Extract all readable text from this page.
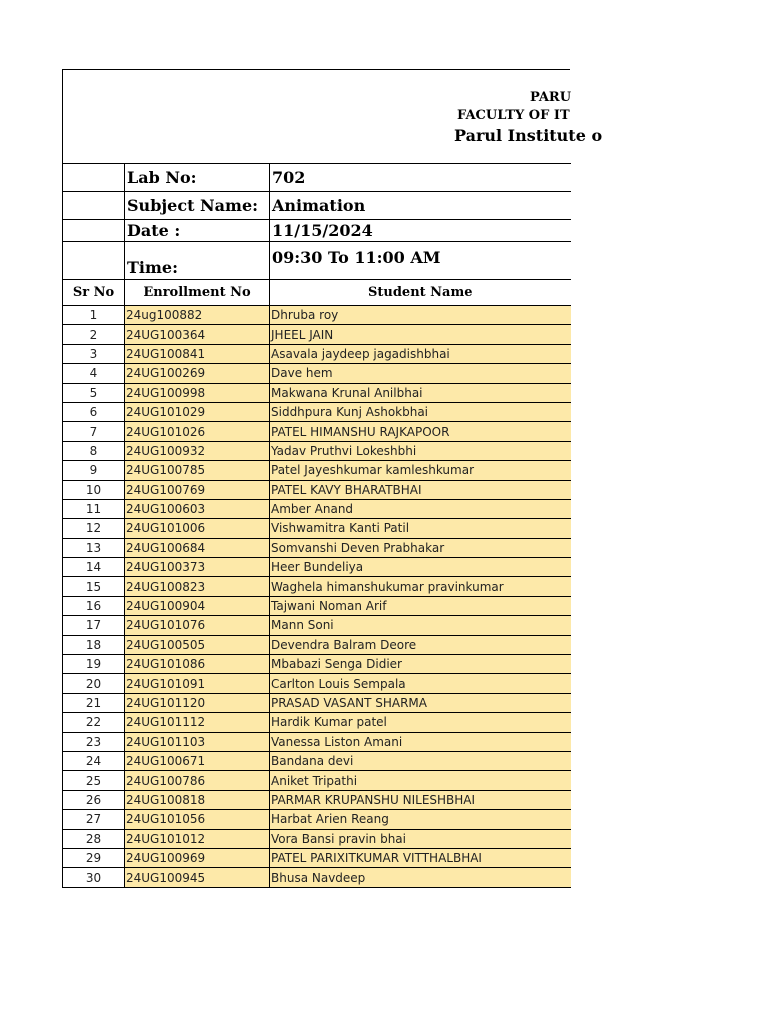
PARU
FACULTY OF IT
Parul Institute o
	Lab No:	702
	Subject Name:	Animation
	Date :	11/15/2024
	Time:	09:30 To 11:00 AM
Sr No	Enrollment No	Student Name
1	24ug100882	Dhruba roy
2	24UG100364	JHEEL JAIN
3	24UG100841	Asavala jaydeep jagadishbhai
4	24UG100269	Dave hem
5	24UG100998	Makwana Krunal Anilbhai
6	24UG101029	Siddhpura Kunj Ashokbhai
7	24UG101026	PATEL HIMANSHU RAJKAPOOR
8	24UG100932	Yadav Pruthvi Lokeshbhi
9	24UG100785	Patel Jayeshkumar kamleshkumar
10	24UG100769	PATEL KAVY BHARATBHAI
11	24UG100603	Amber Anand
12	24UG101006	Vishwamitra Kanti Patil
13	24UG100684	Somvanshi Deven Prabhakar
14	24UG100373	Heer Bundeliya
15	24UG100823	Waghela himanshukumar pravinkumar
16	24UG100904	Tajwani Noman Arif
17	24UG101076	Mann Soni
18	24UG100505	Devendra Balram Deore
19	24UG101086	Mbabazi Senga Didier
20	24UG101091	Carlton Louis Sempala
21	24UG101120	PRASAD VASANT SHARMA
22	24UG101112	Hardik Kumar patel
23	24UG101103	Vanessa Liston Amani
24	24UG100671	Bandana devi
25	24UG100786	Aniket Tripathi
26	24UG100818	PARMAR KRUPANSHU NILESHBHAI
27	24UG101056	Harbat Arien Reang
28	24UG101012	Vora Bansi pravin bhai
29	24UG100969	PATEL PARIXITKUMAR VITTHALBHAI
30	24UG100945	Bhusa Navdeep
